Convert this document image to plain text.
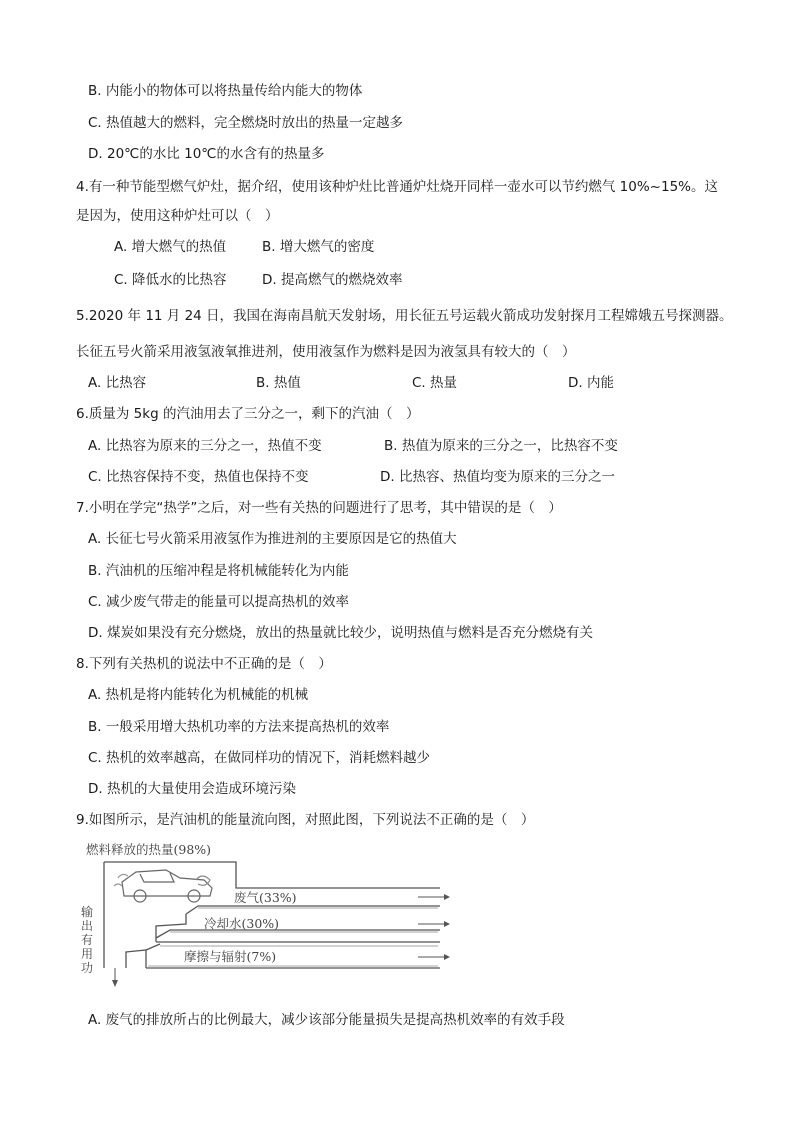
B. 内能小的物体可以将热量传给内能大的物体
C. 热值越大的燃料，完全燃烧时放出的热量一定越多
D. 20℃的水比 10℃的水含有的热量多
4.有一种节能型燃气炉灶，据介绍，使用该种炉灶比普通炉灶烧开同样一壶水可以节约燃气 10%~15%。这
是因为，使用这种炉灶可以（　）
A. 增大燃气的热值	B. 增大燃气的密度
C. 降低水的比热容	D. 提高燃气的燃烧效率
5.2020 年 11 月 24 日，我国在海南昌航天发射场，用长征五号运载火箭成功发射探月工程嫦娥五号探测器。
长征五号火箭采用液氢液氧推进剂，使用液氢作为燃料是因为液氢具有较大的（　）
A. 比热容	B. 热值	C. 热量	D. 内能
6.质量为 5kg 的汽油用去了三分之一，剩下的汽油（　）
A. 比热容为原来的三分之一，热值不变	B. 热值为原来的三分之一，比热容不变
C. 比热容保持不变，热值也保持不变	D. 比热容、热值均变为原来的三分之一
7.小明在学完“热学”之后，对一些有关热的问题进行了思考，其中错误的是（　）
A. 长征七号火箭采用液氢作为推进剂的主要原因是它的热值大
B. 汽油机的压缩冲程是将机械能转化为内能
C. 减少废气带走的能量可以提高热机的效率
D. 煤炭如果没有充分燃烧，放出的热量就比较少，说明热值与燃料是否充分燃烧有关
8.下列有关热机的说法中不正确的是（　）
A. 热机是将内能转化为机械能的机械
B. 一般采用增大热机功率的方法来提高热机的效率
C. 热机的效率越高，在做同样功的情况下，消耗燃料越少
D. 热机的大量使用会造成环境污染
9.如图所示，是汽油机的能量流向图，对照此图，下列说法不正确的是（　）
燃料释放的热量(98%)
废气(33%)
冷却水(30%)
摩擦与辐射(7%)
输
出
有
用
功
A. 废气的排放所占的比例最大，减少该部分能量损失是提高热机效率的有效手段
